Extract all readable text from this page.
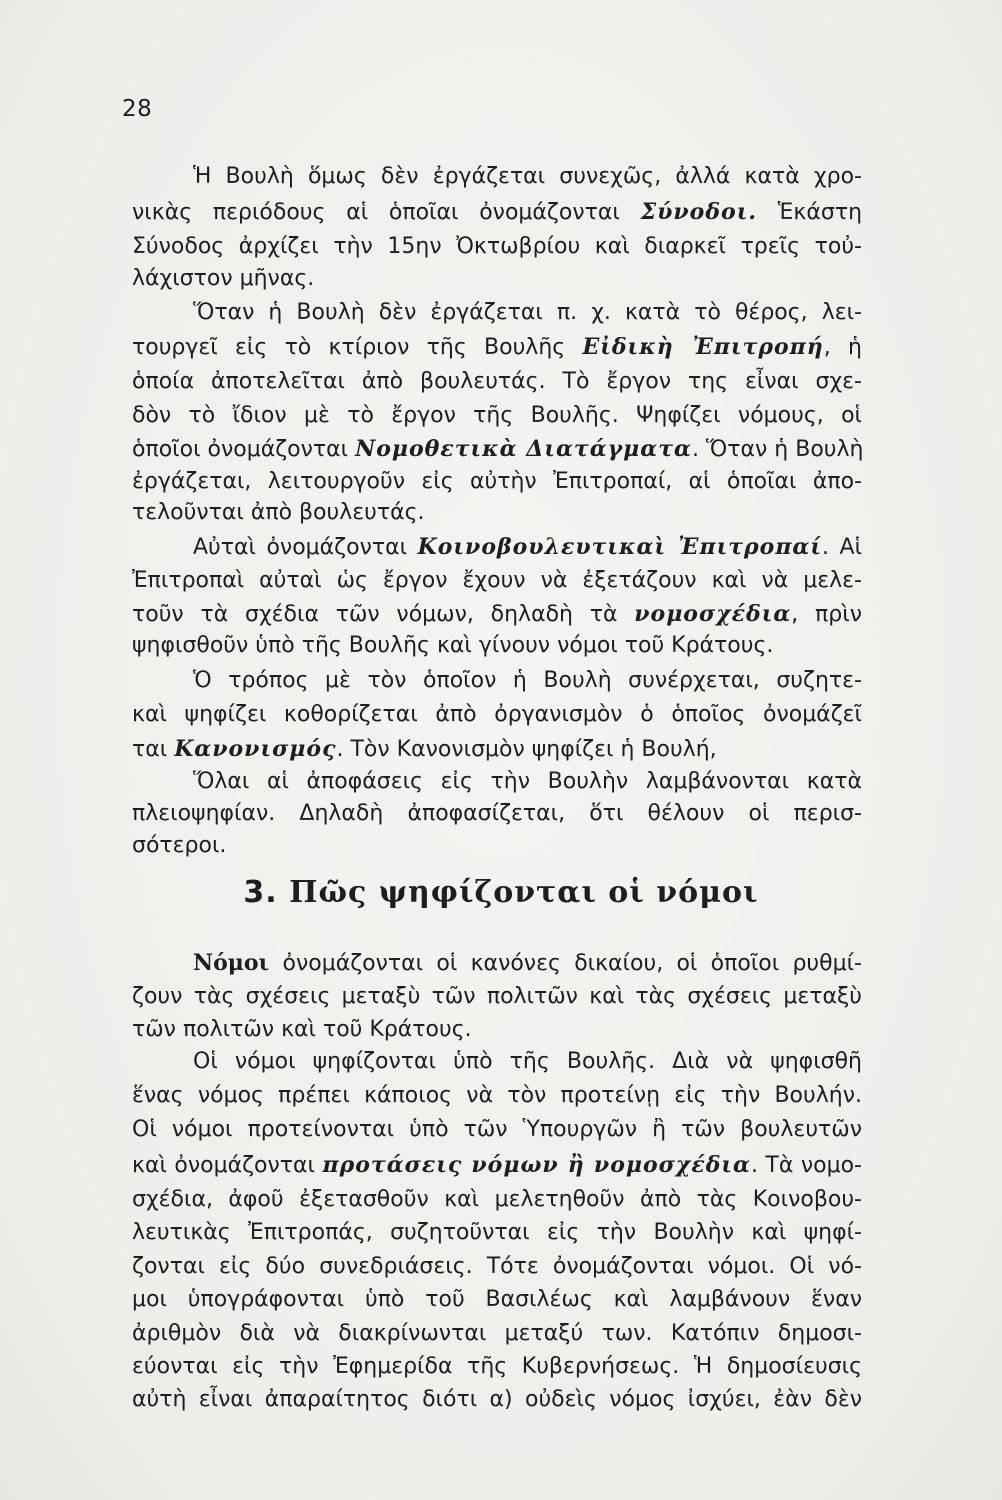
28
Ἡ Βουλὴ ὅμως δὲν ἐργάζεται συνεχῶς, ἀλλά κατὰ χρο-
νικὰς περιόδους αἱ ὁποῖαι ὀνομάζονται Σύνοδοι. Ἑκάστη
Σύνοδος ἀρχίζει τὴν 15ην Ὀκτωβρίου καὶ διαρκεῖ τρεῖς τοὐ-
λάχιστον μῆνας.
Ὅταν ἡ Βουλὴ δὲν ἐργάζεται π. χ. κατὰ τὸ θέρος, λει-
τουργεῖ εἰς τὸ κτίριον τῆς Βουλῆς Εἰδικὴ Ἐπιτροπή, ἡ
ὁποία ἀποτελεῖται ἀπὸ βουλευτάς. Τὸ ἔργον της εἶναι σχε-
δὸν τὸ ἴδιον μὲ τὸ ἔργον τῆς Βουλῆς. Ψηφίζει νόμους, οἱ
ὁποῖοι ὀνομάζονται Νομοθετικὰ Διατάγματα. Ὅταν ἡ Βουλὴ
ἐργάζεται, λειτουργοῦν εἰς αὐτὴν Ἐπιτροπαί, αἱ ὁποῖαι ἀπο-
τελοῦνται ἀπὸ βουλευτάς.
Αὐταὶ ὀνομάζονται Κοινοβουλευτικαὶ Ἐπιτροπαί. Αἱ
Ἐπιτροπαὶ αὐταὶ ὡς ἔργον ἔχουν νὰ ἐξετάζουν καὶ νὰ μελε-
τοῦν τὰ σχέδια τῶν νόμων, δηλαδὴ τὰ νομοσχέδια, πρὶν
ψηφισθοῦν ὑπὸ τῆς Βουλῆς καὶ γίνουν νόμοι τοῦ Κράτους.
Ὁ τρόπος μὲ τὸν ὁποῖον ἡ Βουλὴ συνέρχεται, συζητε-
καὶ ψηφίζει κοθορίζεται ἀπὸ ὀργανισμὸν ὁ ὁποῖος ὀνομάζεῖ
ται Κανονισμός. Τὸν Κανονισμὸν ψηφίζει ἡ Βουλή,
Ὅλαι αἱ ἀποφάσεις εἰς τὴν Βουλὴν λαμβάνονται κατὰ
πλειοψηφίαν. Δηλαδὴ ἀποφασίζεται, ὅτι θέλουν οἱ περισ-
σότεροι.
3. Πῶς ψηφίζονται οἱ νόμοι
Νόμοι ὀνομάζονται οἱ κανόνες δικαίου, οἱ ὁποῖοι ρυθμί-
ζουν τὰς σχέσεις μεταξὺ τῶν πολιτῶν καὶ τὰς σχέσεις μεταξὺ
τῶν πολιτῶν καὶ τοῦ Κράτους.
Οἱ νόμοι ψηφίζονται ὑπὸ τῆς Βουλῆς. Διὰ νὰ ψηφισθῆ
ἕνας νόμος πρέπει κάποιος νὰ τὸν προτείνῃ εἰς τὴν Βουλήν.
Οἱ νόμοι προτείνονται ὑπὸ τῶν Ὑπουργῶν ἢ τῶν βουλευτῶν
καὶ ὀνομάζονται προτάσεις νόμων ἢ νομοσχέδια. Τὰ νομο-
σχέδια, ἀφοῦ ἐξετασθοῦν καὶ μελετηθοῦν ἀπὸ τὰς Κοινοβου-
λευτικὰς Ἐπιτροπάς, συζητοῦνται εἰς τὴν Βουλὴν καὶ ψηφί-
ζονται εἰς δύο συνεδριάσεις. Τότε ὀνομάζονται νόμοι. Οἱ νό-
μοι ὑπογράφονται ὑπὸ τοῦ Βασιλέως καὶ λαμβάνουν ἕναν
ἀριθμὸν διὰ νὰ διακρίνωνται μεταξύ των. Κατόπιν δημοσι-
εύονται εἰς τὴν Ἐφημερίδα τῆς Κυβερνήσεως. Ἡ δημοσίευσις
αὐτὴ εἶναι ἀπαραίτητος διότι α) οὐδεὶς νόμος ἰσχύει, ἐὰν δὲν
